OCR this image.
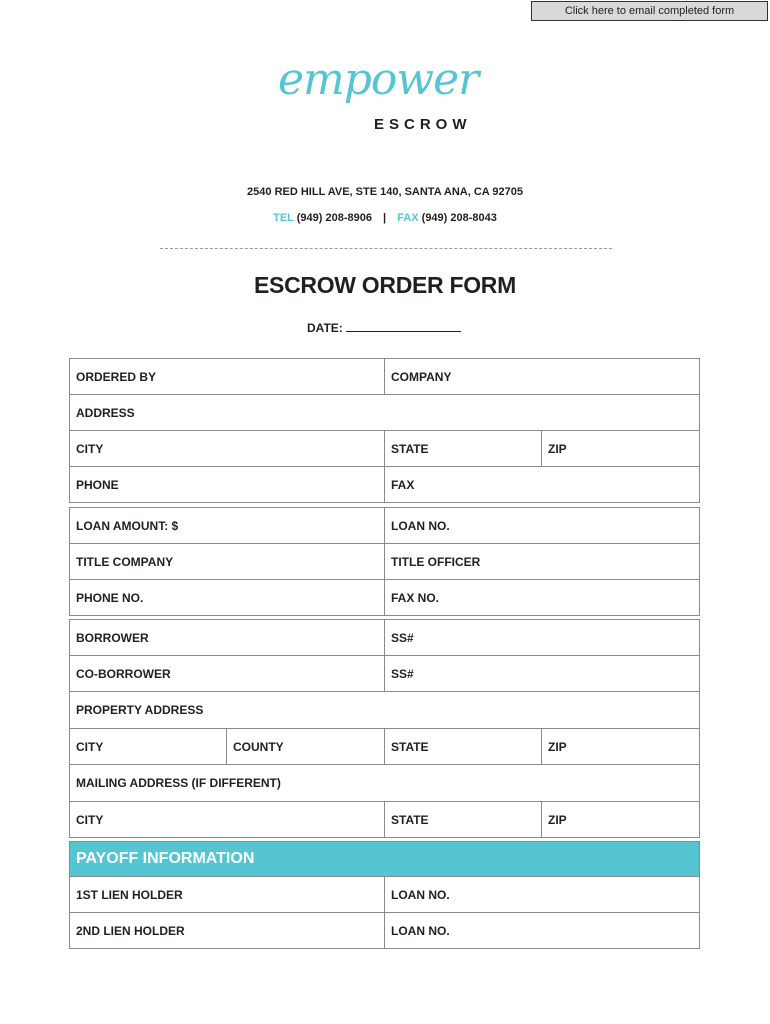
Click here to email completed form
empower
ESCROW
2540 RED HILL AVE, STE 140, SANTA ANA, CA 92705
TEL (949) 208-8906 | FAX (949) 208-8043
ESCROW ORDER FORM
DATE:
ORDERED BY	COMPANY
ADDRESS
CITY	STATE	ZIP
PHONE	FAX
LOAN AMOUNT: $	LOAN NO.
TITLE COMPANY	TITLE OFFICER
PHONE NO.	FAX NO.
BORROWER	SS#
CO-BORROWER	SS#
PROPERTY ADDRESS
CITY	COUNTY	STATE	ZIP
MAILING ADDRESS (IF DIFFERENT)
CITY	STATE	ZIP
PAYOFF INFORMATION
1ST LIEN HOLDER	LOAN NO.
2ND LIEN HOLDER	LOAN NO.
